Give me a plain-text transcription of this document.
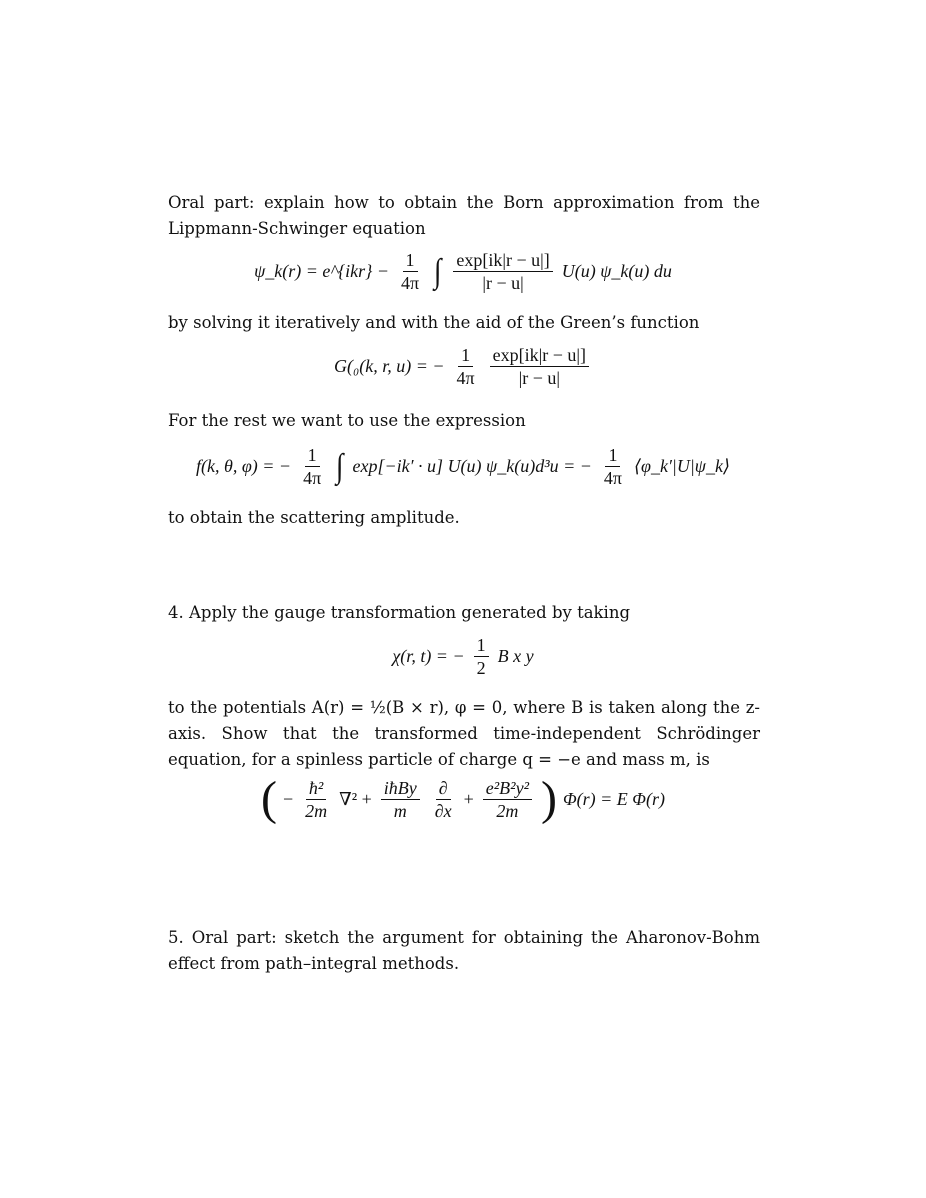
Oral part: explain how to obtain the Born approximation from the Lippmann-Schwinger equation
ψ_k(r) = e^{ikr} − $\frac{1}{4\pi}$ ∫ $\frac{\exp[ik|r - u|]}{|r - u|} U(u)$ ψ_k(u) du
by solving it iteratively and with the aid of the Green’s function
G(₀(k, r, u) = − $\frac{1}{4\pi} \frac{\exp[ik|r - u|]}{|r - u|}$
For the rest we want to use the expression
f(k, θ, φ) = − $\frac{1}{4\pi}$ ∫ exp[−ik′ · u] U(u) ψ_k(u)d³u = − $\frac{1}{4\pi}$ ⟨φ_k′|U|ψ_k⟩
to obtain the scattering amplitude.
4. Apply the gauge transformation generated by taking
χ(r, t) = − $\frac{1}{2}$ B x y
to the potentials A(r) = ½(B × r), φ = 0, where B is taken along the z-axis. Show that the transformed time-independent Schrödinger equation, for a spinless particle of charge q = −e and mass m, is
( − $\frac{\text{ħ²}}{2m} \nabla^2 + \frac{\text{iħBy}}{m} \frac{\partial}{\partial x} + \frac{\text{e²B²y²}}{2m}$ ) Φ(r) = E Φ(r)
5. Oral part: sketch the argument for obtaining the Aharonov-Bohm effect from path–integral methods.
